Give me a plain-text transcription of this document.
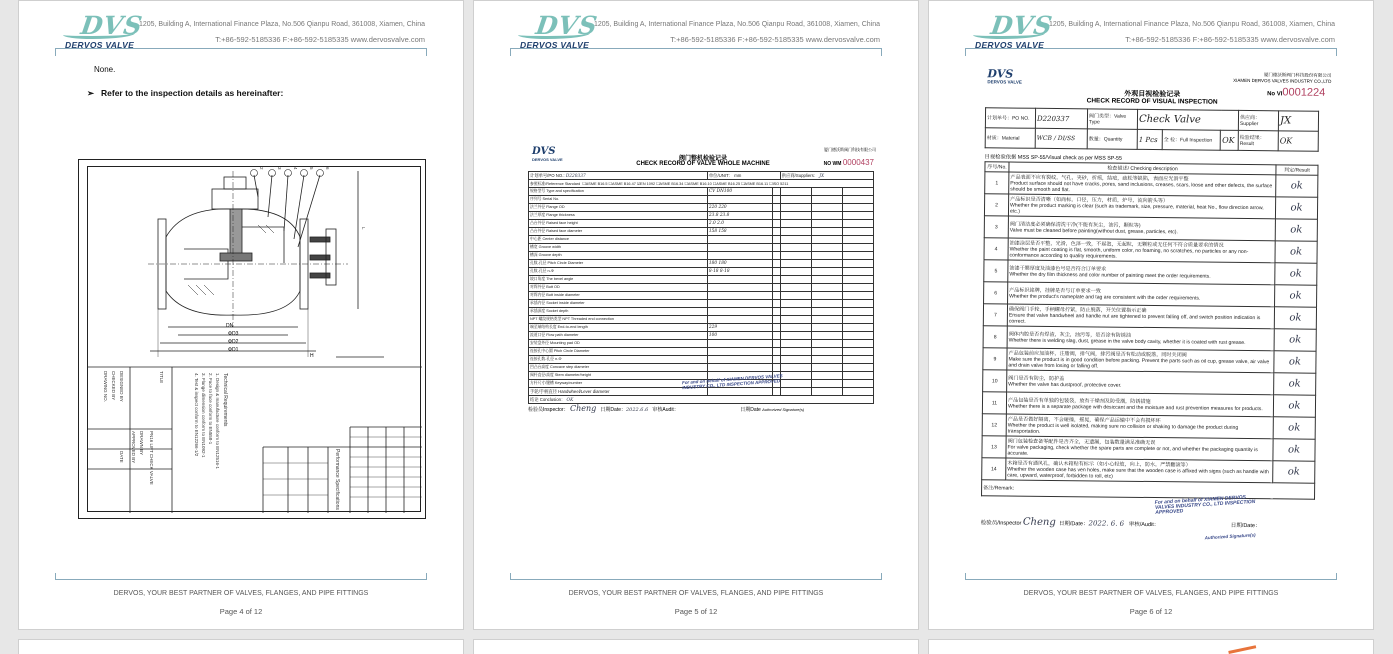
DVS
DERVOS VALVE
1205, Building A, International Finance Plaza, No.506 Qianpu Road, 361008, Xiamen, China
T:+86-592-5185336 F:+86-592-5185335 www.dervosvalve.com
None.
➢ Refer to the inspection details as hereinafter:
2	3 4 5 6
DN
ΦD3
ΦD2
ΦD1
H
L
Technical Requirements
1. Design & manufacture conform to EN12516-1
2. Face to face conform to EN558-1
3. Flange dimension conform to EN1092-1
4. Test & inspect conform to EN12266-1/2
Performance Specifications
DESIGNED BY
CHECKED BY
DRAWING NO.	TITLE
PN16 LIFT CHECK VALVE
DRAWN BY
APPROVED BY
DATE
DERVOS, YOUR BEST PARTNER OF VALVES, FLANGES, AND PIPE FITTINGS
Page 4 of 12
DVS
DERVOS VALVE
1205, Building A, International Finance Plaza, No.506 Qianpu Road, 361008, Xiamen, China
T:+86-592-5185336 F:+86-592-5185335 www.dervosvalve.com
DVS
DERVOS VALVE
厦门德沃斯阀门科技有限公司
阀门整机检验记录
CHECK RECORD OF VALVE WHOLE MACHINE	NO WM 0000437
计划单号/PO NO.: D220337	单位/UNIT： mm		供应商/Suppliers： JX		
参照标准/Reference Standard  ☐ASME B16.5 ☐ASME B16.47 ☑EN 1092 ☐ASME B16.34 ☐ASME B16.10 ☐ASME B16.25 ☐ASME B16.11 ☐ISO 5211					
规格型号 Type and specification	CV DN100				
序列号 Serial No.					
法兰外径 Flange OD	220 220				
法兰厚度 Flange thickness	23.8 23.8				
凸台外径 Raised face height	2.0 2.0				
凸台外径 Raised face diameter	158 158				
中心距 Center distance					
槽宽 Groove width					
槽深 Groove depth					
孔数-孔径 Pitch Circle Diameter	180 180				
孔数-孔径 n-Φ	8-18 8-18				
坡口角度 The bevel angle					
对焊外径 Butt OD					
对焊内径 Butt inside diameter					
承插内径 Socket inside diameter					
承插深度 Socket depth					
NPT 螺纹规格类型 NPT Threaded end connection					
端至端结构长度 End-to-end length	229				
流道口径 Flow path diameter	100				
安装盘外径 Mounting pad OD					
连接孔中心圆 Pitch Circle Diameter					
连接孔数-孔径 n-Φ					
凹凸台高度 Concave step diameter					
阀杆直径/高度 Stem diameter/height					
方杆尺寸/键槽 Keyway/number					
手轮/手柄直径 Handwheel/Lever diameter					
结论 Conclusion： OK					
检验员Inspector： Cheng 日期Date：2022.6.6 审核Audit：	日期Date Authorized Signature(s)
For and on behalf of XIAMEN DERVOS VALVES INDUSTRY CO., LTD INSPECTION APPROVED
DERVOS, YOUR BEST PARTNER OF VALVES, FLANGES, AND PIPE FITTINGS
Page 5 of 12
DVS
DERVOS VALVE
1205, Building A, International Finance Plaza, No.506 Qianpu Road, 361008, Xiamen, China
T:+86-592-5185336 F:+86-592-5185335 www.dervosvalve.com
DVS
DERVOS VALVE
厦门德沃斯阀门科技股份有限公司
XIAMEN DERVOS VALVES INDUSTRY CO.,LTD
外观目视检验记录
CHECK RECORD OF VISUAL INSPECTION
No VI0001224
计划单号：PO NO.	D220337	阀门类型：Valve Type	Check Valve			供应商：Supplier	JX
材质：Material	WCB / DI/SS	数量：Quantity	1 Pcs	全 检：Full Inspection	OK	检验结果：Result	OK
目视检验依据 MSS SP-55/Visual check as per MSS SP-55
序号/No.	检查描述/ Checking description	判定/Result
1	产品表面不应有裂纹，气孔，夹砂，折痕，结疤，疏松等缺陷，表面应光滑平整
Product surface should not have cracks, pores, sand inclusions, creases, scars, loose and other defects, the surface should be smooth and flat.	ok
2	产品标识是否清晰（如商标，口径，压力，材质，炉号，流向箭头等）
Whether the product marking is clear (such as trademark, size, pressure, material, heat No., flow direction arrow, etc.)	ok
3	阀门清洁度必须确保清洗干净(不能有灰尘，油污，颗粒等)
Valve must be cleaned before painting(without dust, grease, particles, etc).	ok
4	油漆涂层是否平整，光滑，色泽一致，不起泡，无起粒，无颗粒或无任何不符合质量要求的情况
Whether the paint coating is flat, smooth, uniform color, no foaming, no scratches, no particles or any non-conformance according to quality requirements.	ok
5	油漆干膜厚度及油漆色号是否符合订单要求
Whether the dry film thickness and color number of painting meet the order requirements.	ok
6	产品标识铭牌，挂牌是否与订单要求一致
Whether the product's nameplate and tag are consistent with the order requirements.	ok
7	确保阀门手轮，手柄螺母拧紧，防止脱落，开关位置指示正确
Ensure that valve handwheel and handle nut are tightened to prevent falling off, and switch position indication is correct.	ok
8	阀体内腔是否有焊渣，灰尘，油污等，是否涂有防锈油
Whether there is welding slag, dust, grease in the valve body cavity, whether it is coated with rust grease.	ok
9	产品包装前应加油杯，注脂阀，排气阀，排污阀是否有松动或脱落，同时关闭阀
Make sure the product is in good condition before packing. Prevent the parts such as oil cup, grease valve, air valve and drain valve from losing or falling off.	ok
10	阀门是否有防尘，防护盖
Whether the valve has dustproof, protective cover.	ok
11	产品包装是否有单独的包装袋，放有干燥剂及防受潮，防锈措施
Whether there is a separate package with desiccant and the moisture and rust prevention measures for products.	ok
12	产品是否做好隔离，不会碰撞，摇晃，确保产品运输中不会有损坏坏
Whether the product is well isolated, making sure no collision or shaking to damage the product during transportation.	ok
13	阀门包装检查备零配件是否齐全，无遗漏，包装数量满足准确无误
For valve packaging, check whether the spare parts are complete or not, and whether the packaging quantity is accurate.	ok
14	木箱是否有通风孔，确认木箱贴有标示（如小心轻放，向上，防水，严禁翻滚等）
Whether the wooden case has ven holes, make sure that the wooden case is affixed with signs (such as handle with care, upward, waterproof, forbidden to roll, etc)	ok
备注/Remark：		
检验员/Inspector Cheng 日期/Date：2022. 6. 6 审核/Audit：	日期/Date：
For and on behalf of XIAMEN DERVOS VALVES INDUSTRY CO., LTD INSPECTION APPROVED
Authorized Signature(s)
DERVOS, YOUR BEST PARTNER OF VALVES, FLANGES, AND PIPE FITTINGS
Page 6 of 12
